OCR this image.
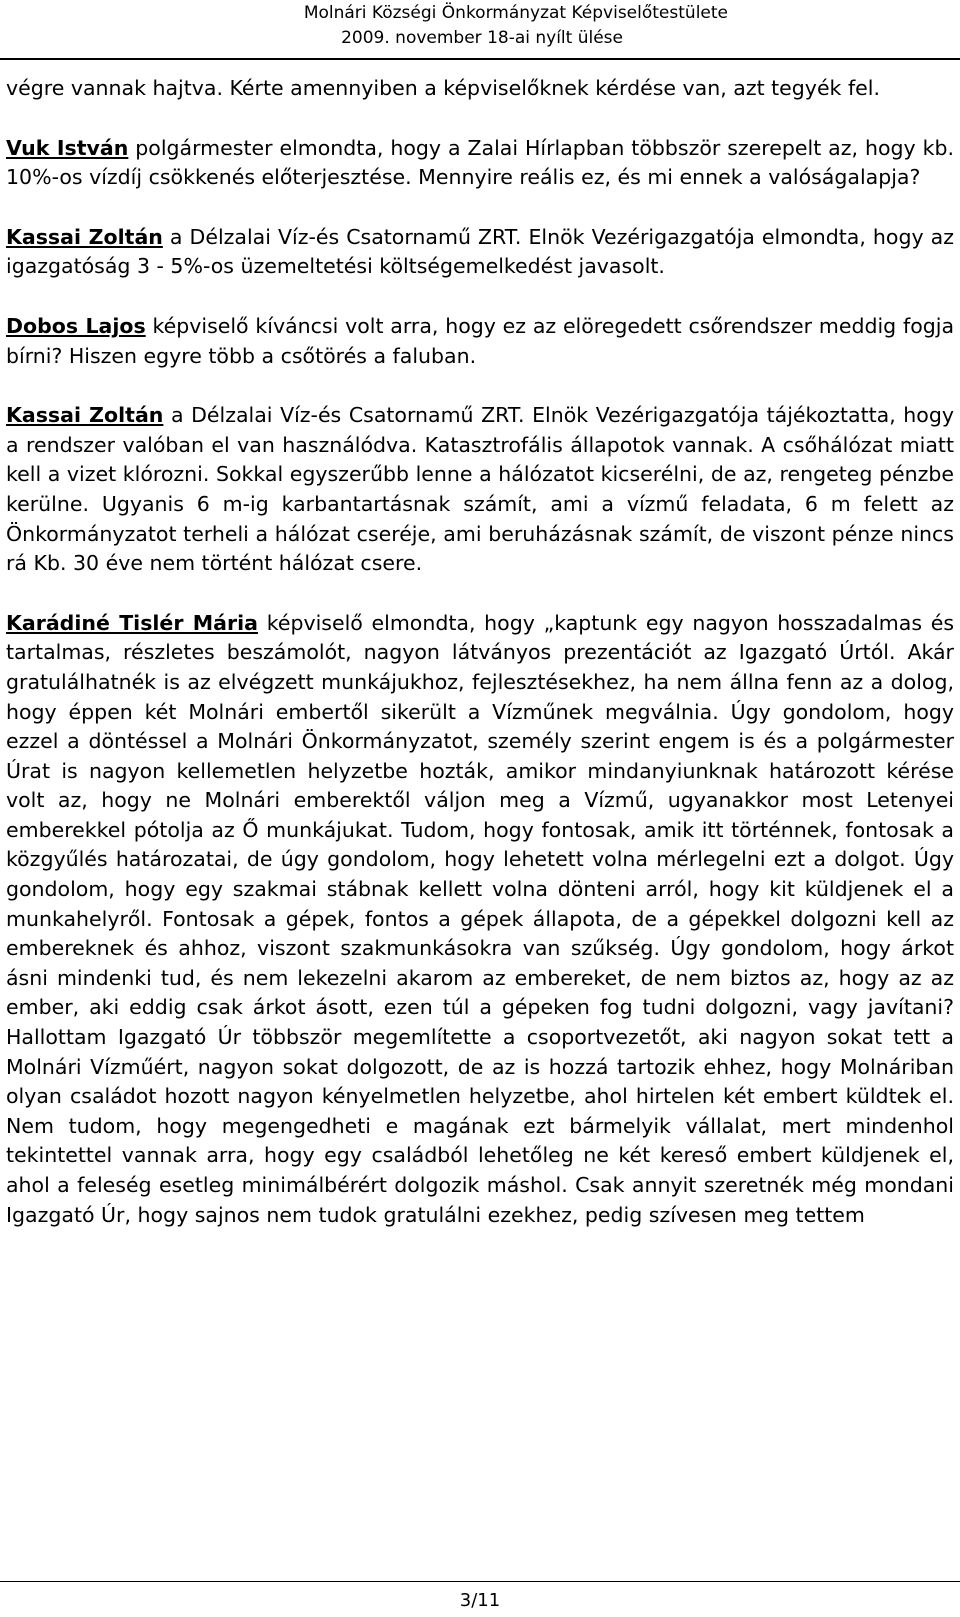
Molnári Községi Önkormányzat Képviselőtestülete
2009. november 18-ai nyílt ülése

végre vannak hajtva. Kérte amennyiben a képviselőknek kérdése van, azt tegyék fel.

Vuk István polgármester elmondta, hogy a Zalai Hírlapban többször szerepelt az, hogy kb. 10%-os vízdíj csökkenés előterjesztése. Mennyire reális ez, és mi ennek a valóságalapja?

Kassai Zoltán a Délzalai Víz-és Csatornamű ZRT. Elnök Vezérigazgatója elmondta, hogy az igazgatóság 3 - 5%-os üzemeltetési költségemelkedést javasolt.

Dobos Lajos képviselő kíváncsi volt arra, hogy ez az elöregedett csőrendszer meddig fogja bírni? Hiszen egyre több a csőtörés a faluban.

Kassai Zoltán a Délzalai Víz-és Csatornamű ZRT. Elnök Vezérigazgatója tájékoztatta, hogy a rendszer valóban el van használódva. Katasztrofális állapotok vannak. A csőhálózat miatt kell a vizet klórozni. Sokkal egyszerűbb lenne a hálózatot kicserélni, de az, rengeteg pénzbe kerülne. Ugyanis 6 m-ig karbantartásnak számít, ami a vízmű feladata, 6 m felett az Önkormányzatot terheli a hálózat cseréje, ami beruházásnak számít, de viszont pénze nincs rá Kb. 30 éve nem történt hálózat csere.

Karádiné Tislér Mária képviselő elmondta, hogy „kaptunk egy nagyon hosszadalmas és tartalmas, részletes beszámolót, nagyon látványos prezentációt az Igazgató Úrtól. Akár gratulálhatnék is az elvégzett munkájukhoz, fejlesztésekhez, ha nem állna fenn az a dolog, hogy éppen két Molnári embertől sikerült a Vízműnek megválnia. Úgy gondolom, hogy ezzel a döntéssel a Molnári Önkormányzatot, személy szerint engem is és a polgármester Úrat is nagyon kellemetlen helyzetbe hozták, amikor mindanyiunknak határozott kérése volt az, hogy ne Molnári emberektől váljon meg a Vízmű, ugyanakkor most Letenyei emberekkel pótolja az Ő munkájukat. Tudom, hogy fontosak, amik itt történnek, fontosak a közgyűlés határozatai, de úgy gondolom, hogy lehetett volna mérlegelni ezt a dolgot. Úgy gondolom, hogy egy szakmai stábnak kellett volna dönteni arról, hogy kit küldjenek el a munkahelyről. Fontosak a gépek, fontos a gépek állapota, de a gépekkel dolgozni kell az embereknek és ahhoz, viszont szakmunkásokra van szűkség. Úgy gondolom, hogy árkot ásni mindenki tud, és nem lekezelni akarom az embereket, de nem biztos az, hogy az az ember, aki eddig csak árkot ásott, ezen túl a gépeken fog tudni dolgozni, vagy javítani? Hallottam Igazgató Úr többször megemlítette a csoportvezetőt, aki nagyon sokat tett a Molnári Vízműért, nagyon sokat dolgozott, de az is hozzá tartozik ehhez, hogy Molnáriban olyan családot hozott nagyon kényelmetlen helyzetbe, ahol hirtelen két embert küldtek el. Nem tudom, hogy megengedheti e magának ezt bármelyik vállalat, mert mindenhol tekintettel vannak arra, hogy egy családból lehetőleg ne két kereső embert küldjenek el, ahol a feleség esetleg minimálbérért dolgozik máshol. Csak annyit szeretnék még mondani Igazgató Úr, hogy sajnos nem tudok gratulálni ezekhez, pedig szívesen meg tettem

3/11
